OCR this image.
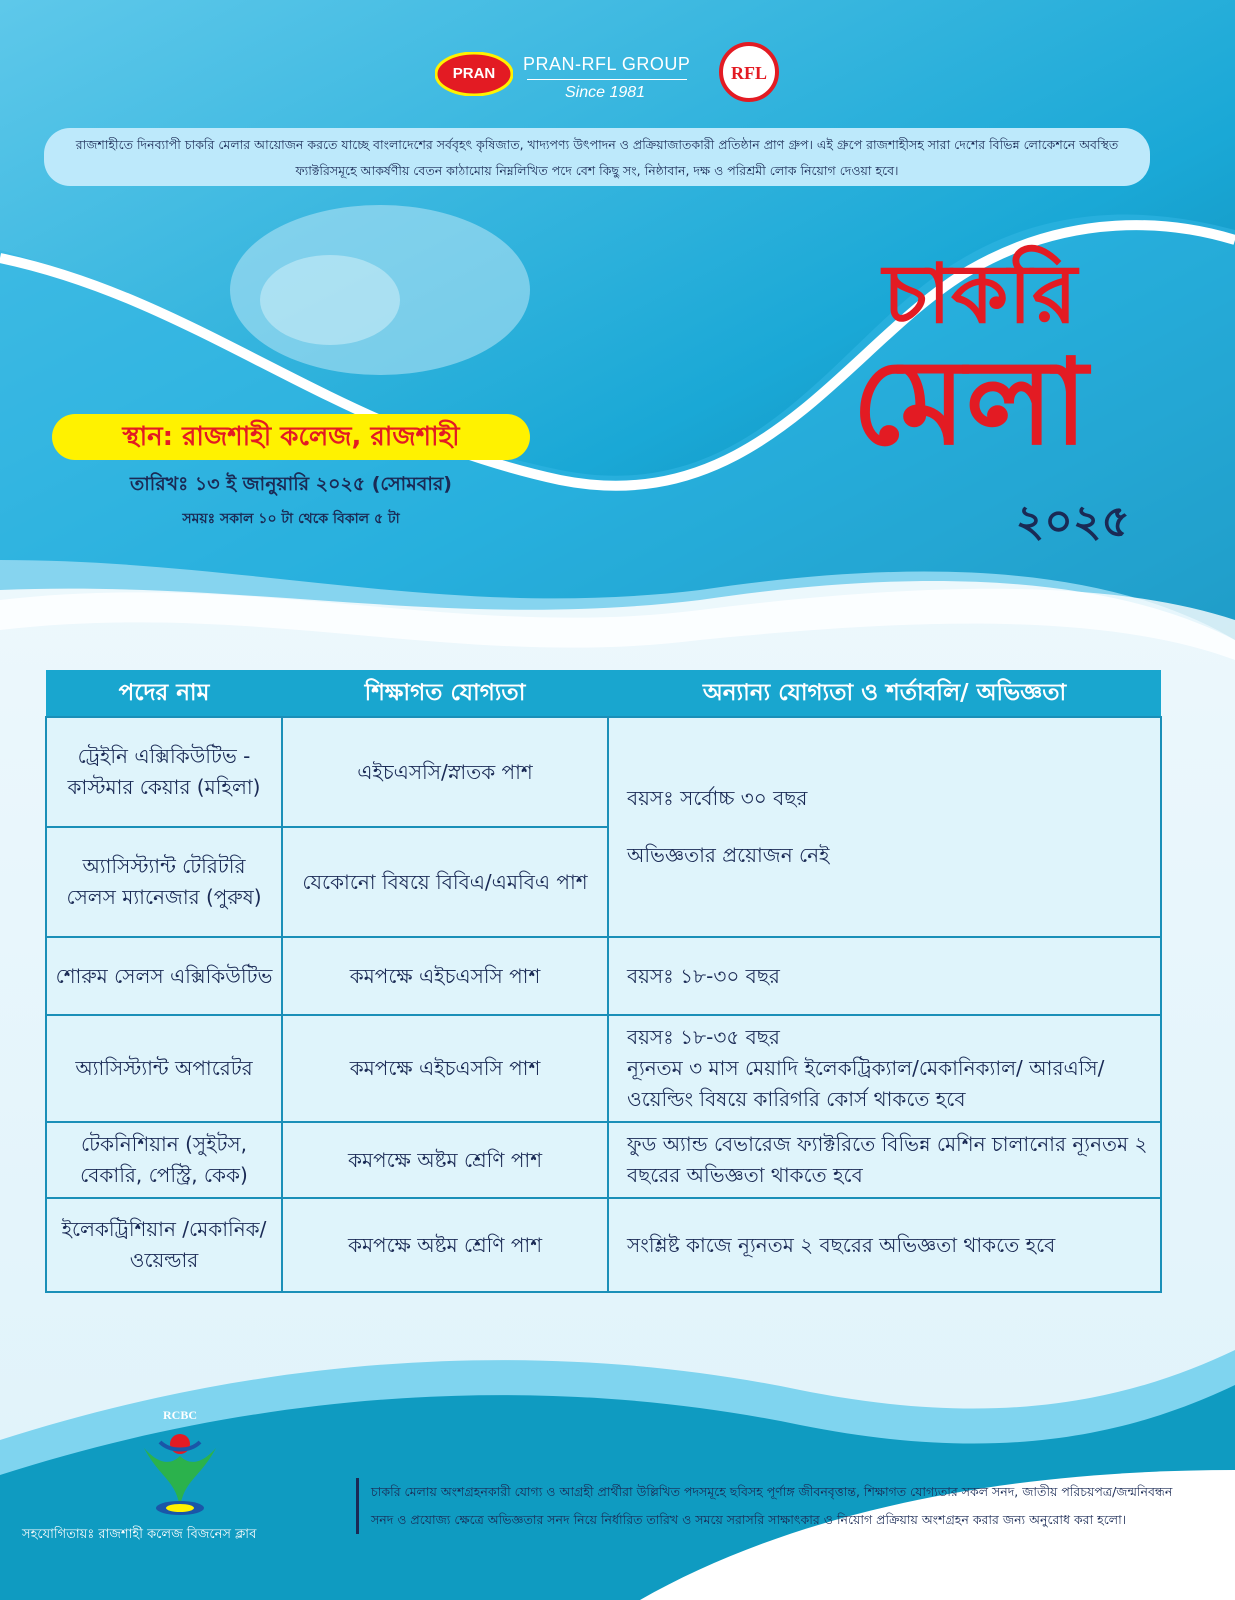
PRAN	PRAN-RFL GROUP
Since 1981
RFL
রাজশাহীতে দিনব্যাপী চাকরি মেলার আয়োজন করতে যাচ্ছে বাংলাদেশের সর্ববৃহৎ কৃষিজাত, খাদ্যপণ্য উৎপাদন ও প্রক্রিয়াজাতকারী প্রতিষ্ঠান প্রাণ গ্রুপ। এই গ্রুপে রাজশাহীসহ সারা দেশের বিভিন্ন লোকেশনে অবস্থিত ফ্যাক্টরিসমূহে আকর্ষণীয় বেতন কাঠামোয় নিম্নলিখিত পদে বেশ কিছু সং, নিষ্ঠাবান, দক্ষ ও পরিশ্রমী লোক নিয়োগ দেওয়া হবে।
স্থান: রাজশাহী কলেজ, রাজশাহী
তারিখঃ ১৩ ই জানুয়ারি ২০২৫ (সোমবার)
সময়ঃ সকাল ১০ টা থেকে বিকাল ৫ টা
চাকরি
মেলা
২০২৫
পদের নাম	শিক্ষাগত যোগ্যতা	অন্যান্য যোগ্যতা ও শর্তাবলি/ অভিজ্ঞতা
ট্রেইনি এক্সিকিউটিভ - কাস্টমার কেয়ার (মহিলা)	এইচএসসি/স্নাতক পাশ	বয়সঃ সর্বোচ্চ ৩০ বছর
অভিজ্ঞতার প্রয়োজন নেই

অ্যাসিস্ট্যান্ট টেরিটরি সেলস ম্যানেজার (পুরুষ)	যেকোনো বিষয়ে বিবিএ/এমবিএ পাশ	
শোরুম সেলস এক্সিকিউটিভ	কমপক্ষে এইচএসসি পাশ	বয়সঃ ১৮-৩০ বছর
অ্যাসিস্ট্যান্ট অপারেটর	কমপক্ষে এইচএসসি পাশ	বয়সঃ ১৮-৩৫ বছর
ন্যূনতম ৩ মাস মেয়াদি ইলেকট্রিক্যাল/মেকানিক্যাল/ আরএসি/ওয়েল্ডিং বিষয়ে কারিগরি কোর্স থাকতে হবে

টেকনিশিয়ান (সুইটস, বেকারি, পেস্ট্রি, কেক)	কমপক্ষে অষ্টম শ্রেণি পাশ	ফুড অ্যান্ড বেভারেজ ফ্যাক্টরিতে বিভিন্ন মেশিন চালানোর ন্যূনতম ২ বছরের অভিজ্ঞতা থাকতে হবে
ইলেকট্রিশিয়ান /মেকানিক/ওয়েল্ডার	কমপক্ষে অষ্টম শ্রেণি পাশ	সংশ্লিষ্ট কাজে ন্যূনতম ২ বছরের অভিজ্ঞতা থাকতে হবে
RCBC
সহযোগিতায়ঃ রাজশাহী কলেজ বিজনেস ক্লাব
চাকরি মেলায় অংশগ্রহনকারী যোগ্য ও আগ্রহী প্রার্থীরা উল্লিখিত পদসমূহে ছবিসহ পূর্ণাঙ্গ জীবনবৃত্তান্ত, শিক্ষাগত যোগ্যতার সকল সনদ, জাতীয় পরিচয়পত্র/জন্মনিবন্ধন সনদ ও প্রযোজ্য ক্ষেত্রে অভিজ্ঞতার সনদ নিয়ে নির্ধারিত তারিখ ও সময়ে সরাসরি সাক্ষাৎকার ও নিয়োগ প্রক্রিয়ায় অংশগ্রহন করার জন্য অনুরোধ করা হলো।
